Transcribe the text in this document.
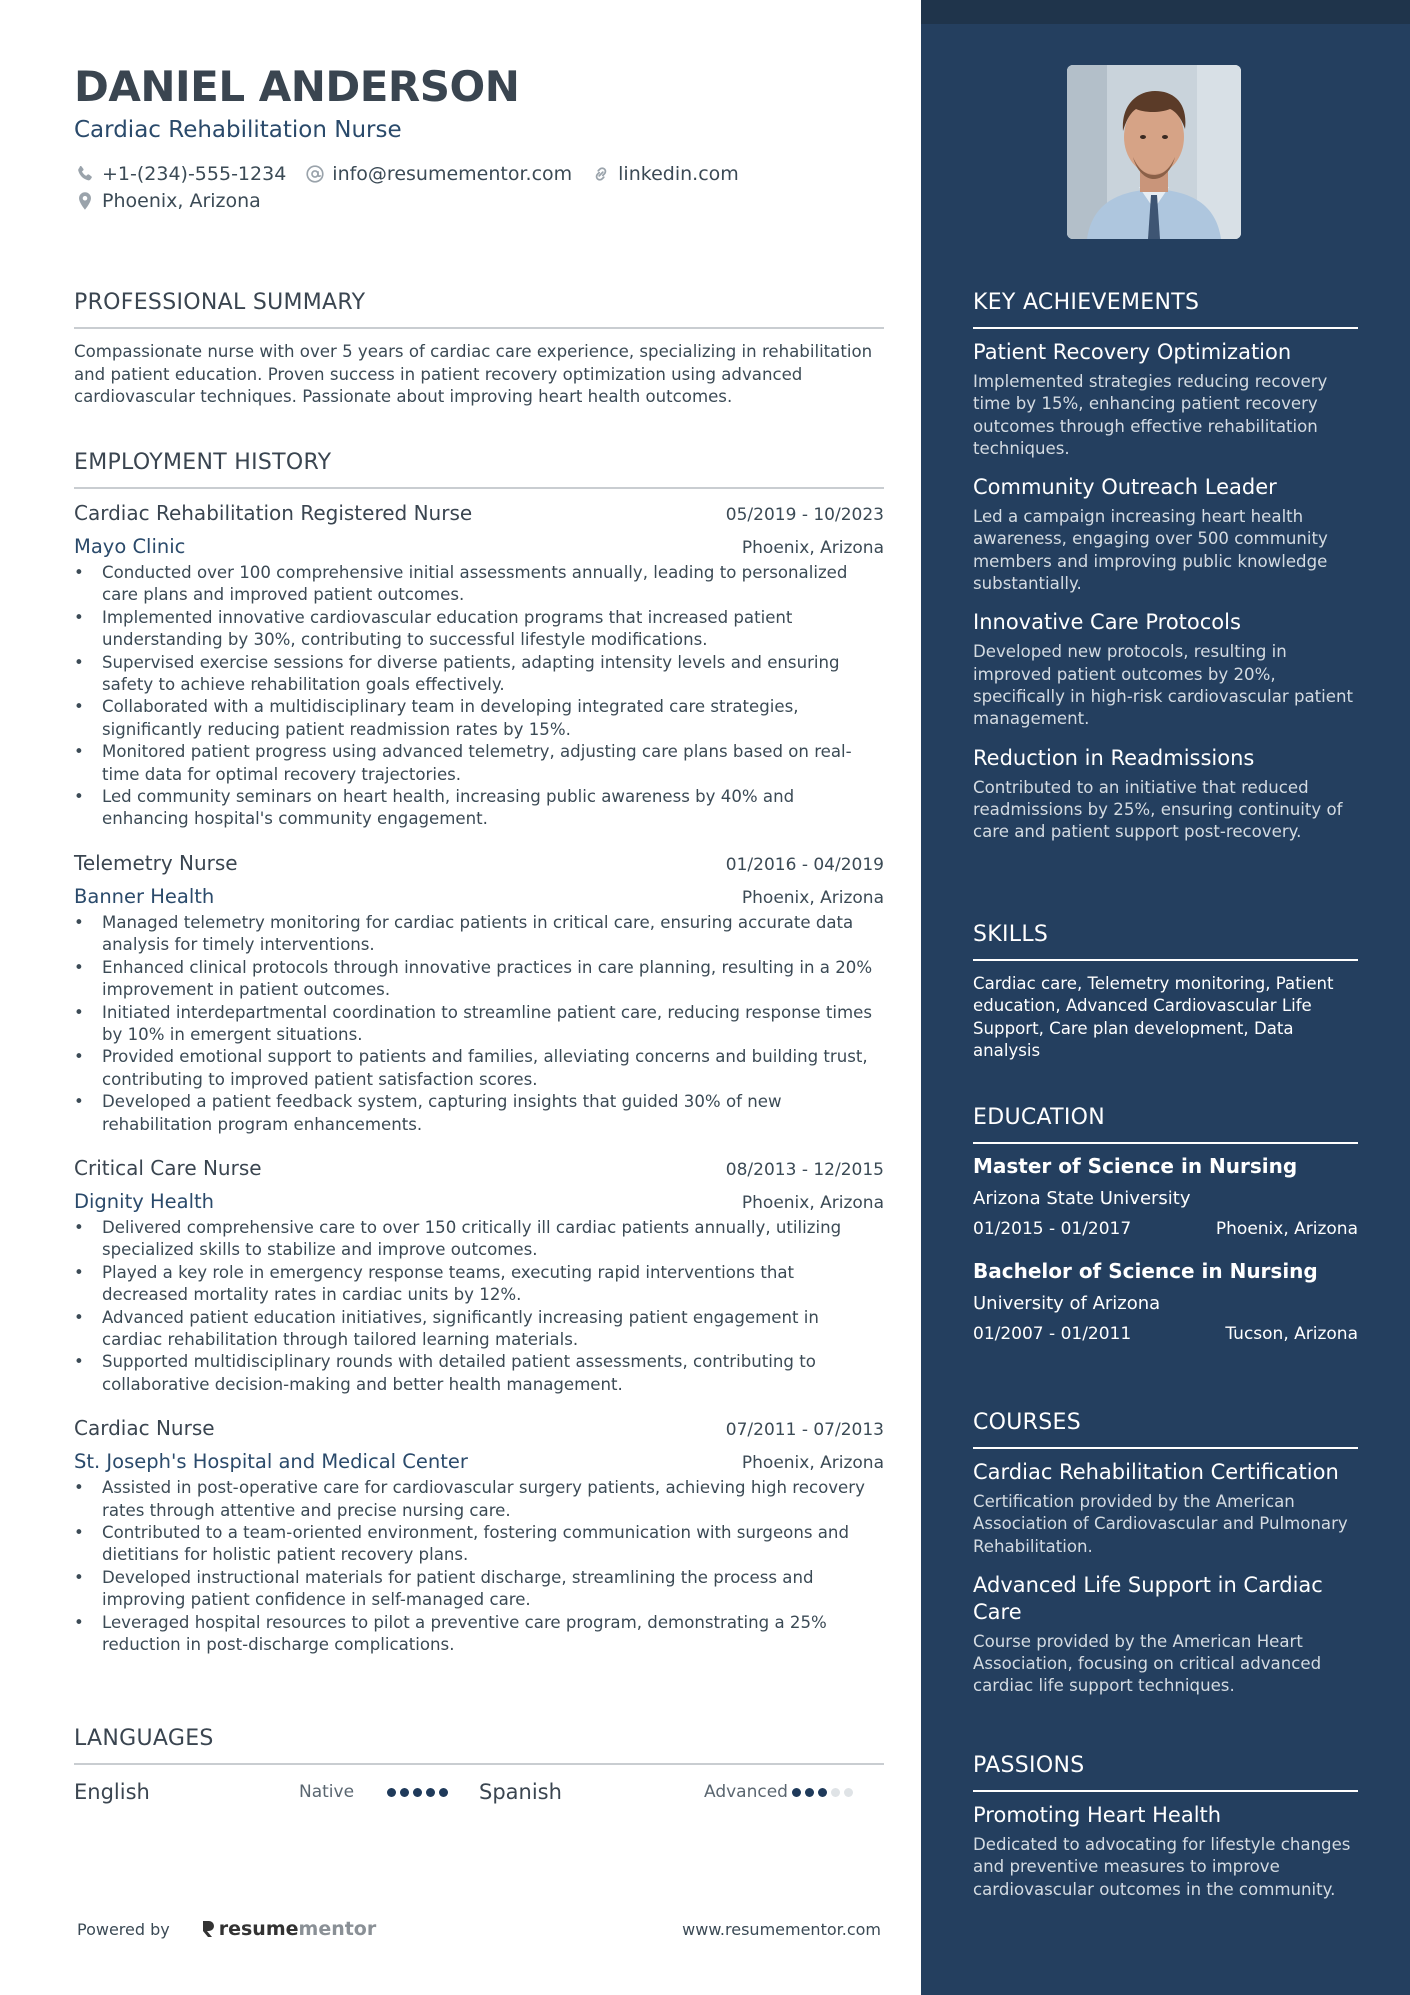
DANIEL ANDERSON
Cardiac Rehabilitation Nurse
+1-(234)-555-1234 info@resumementor.com linkedin.com
Phoenix, Arizona
PROFESSIONAL SUMMARY

Compassionate nurse with over 5 years of cardiac care experience, specializing in rehabilitation and patient education. Proven success in patient recovery optimization using advanced cardiovascular techniques. Passionate about improving heart health outcomes.

EMPLOYMENT HISTORY
Cardiac Rehabilitation Registered Nurse	05/2019 - 10/2023
Mayo Clinic	Phoenix, Arizona
• Conducted over 100 comprehensive initial assessments annually, leading to personalized care plans and improved patient outcomes.
• Implemented innovative cardiovascular education programs that increased patient understanding by 30%, contributing to successful lifestyle modifications.
• Supervised exercise sessions for diverse patients, adapting intensity levels and ensuring safety to achieve rehabilitation goals effectively.
• Collaborated with a multidisciplinary team in developing integrated care strategies, significantly reducing patient readmission rates by 15%.
• Monitored patient progress using advanced telemetry, adjusting care plans based on real-time data for optimal recovery trajectories.
• Led community seminars on heart health, increasing public awareness by 40% and enhancing hospital's community engagement.
Telemetry Nurse	01/2016 - 04/2019
Banner Health	Phoenix, Arizona
• Managed telemetry monitoring for cardiac patients in critical care, ensuring accurate data analysis for timely interventions.
• Enhanced clinical protocols through innovative practices in care planning, resulting in a 20% improvement in patient outcomes.
• Initiated interdepartmental coordination to streamline patient care, reducing response times by 10% in emergent situations.
• Provided emotional support to patients and families, alleviating concerns and building trust, contributing to improved patient satisfaction scores.
• Developed a patient feedback system, capturing insights that guided 30% of new rehabilitation program enhancements.
Critical Care Nurse	08/2013 - 12/2015
Dignity Health	Phoenix, Arizona
• Delivered comprehensive care to over 150 critically ill cardiac patients annually, utilizing specialized skills to stabilize and improve outcomes.
• Played a key role in emergency response teams, executing rapid interventions that decreased mortality rates in cardiac units by 12%.
• Advanced patient education initiatives, significantly increasing patient engagement in cardiac rehabilitation through tailored learning materials.
• Supported multidisciplinary rounds with detailed patient assessments, contributing to collaborative decision-making and better health management.
Cardiac Nurse	07/2011 - 07/2013
St. Joseph's Hospital and Medical Center	Phoenix, Arizona
• Assisted in post-operative care for cardiovascular surgery patients, achieving high recovery rates through attentive and precise nursing care.
• Contributed to a team-oriented environment, fostering communication with surgeons and dietitians for holistic patient recovery plans.
• Developed instructional materials for patient discharge, streamlining the process and improving patient confidence in self-managed care.
• Leveraged hospital resources to pilot a preventive care program, demonstrating a 25% reduction in post-discharge complications.
LANGUAGES
English	Native	Spanish	Advanced
Powered by	resume mentor	www.resumementor.com
KEY ACHIEVEMENTS
Patient Recovery Optimization
Implemented strategies reducing recovery time by 15%, enhancing patient recovery outcomes through effective rehabilitation techniques.
Community Outreach Leader
Led a campaign increasing heart health awareness, engaging over 500 community members and improving public knowledge substantially.
Innovative Care Protocols
Developed new protocols, resulting in improved patient outcomes by 20%, specifically in high-risk cardiovascular patient management.
Reduction in Readmissions
Contributed to an initiative that reduced readmissions by 25%, ensuring continuity of care and patient support post-recovery.
SKILLS
Cardiac care, Telemetry monitoring, Patient education, Advanced Cardiovascular Life Support, Care plan development, Data analysis
EDUCATION
Master of Science in Nursing
Arizona State University
01/2015 - 01/2017	Phoenix, Arizona
Bachelor of Science in Nursing
University of Arizona
01/2007 - 01/2011	Tucson, Arizona
COURSES
Cardiac Rehabilitation Certification
Certification provided by the American Association of Cardiovascular and Pulmonary Rehabilitation.
Advanced Life Support in Cardiac Care
Course provided by the American Heart Association, focusing on critical advanced cardiac life support techniques.
PASSIONS
Promoting Heart Health
Dedicated to advocating for lifestyle changes and preventive measures to improve cardiovascular outcomes in the community.
